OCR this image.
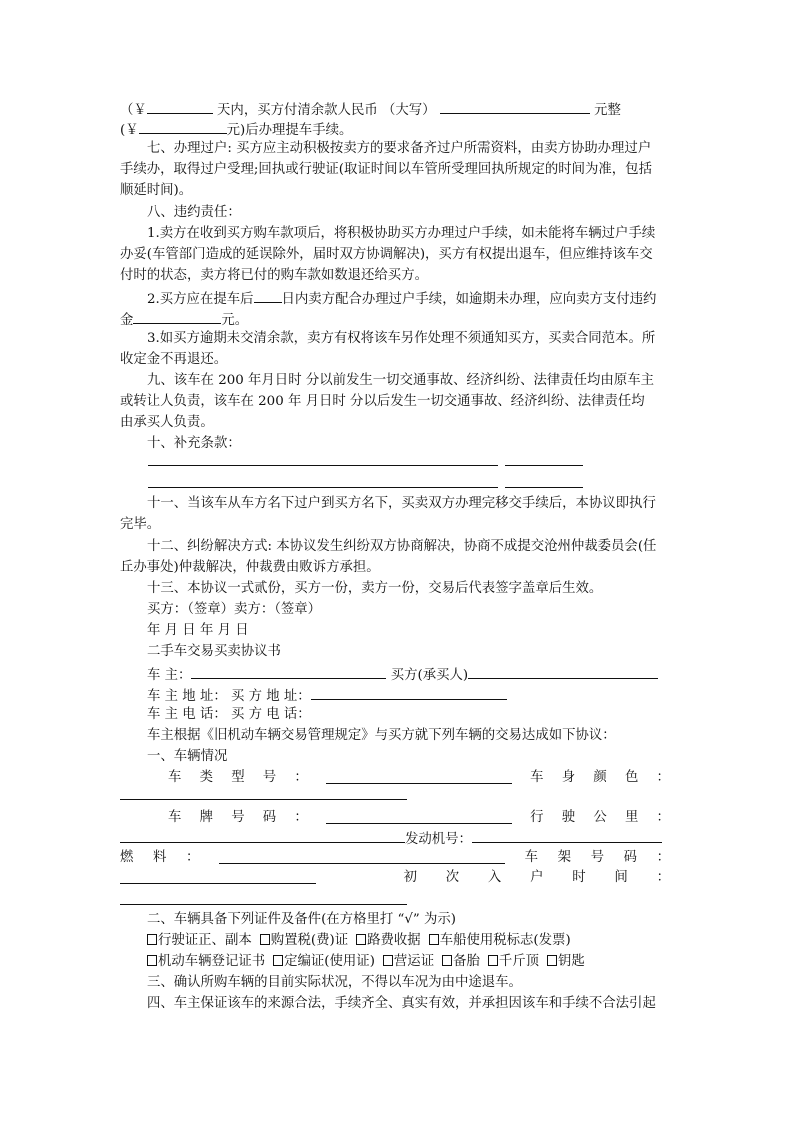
（￥	天内，买方付清余款人民币 （大写）	元整
(￥	元)后办理提车手续。
七、办理过户: 买方应主动积极按卖方的要求备齐过户所需资料，由卖方协助办理过户
手续办，取得过户受理;回执或行驶证(取证时间以车管所受理回执所规定的时间为准，包括
顺延时间)。
八、违约责任：
1.卖方在收到买方购车款项后，将积极协助买方办理过户手续，如未能将车辆过户手续
办妥(车管部门造成的延误除外，届时双方协调解决)，买方有权提出退车，但应维持该车交
付时的状态，卖方将已付的购车款如数退还给买方。
2.买方应在提车后 日内卖方配合办理过户手续，如逾期未办理，应向卖方支付违约
金	元。
3.如买方逾期未交清余款，卖方有权将该车另作处理不须通知买方，买卖合同范本。所
收定金不再退还。
九、该车在 200 年月日时 分以前发生一切交通事故、经济纠纷、法律责任均由原车主
或转让人负责，该车在 200 年 月日时 分以后发生一切交通事故、经济纠纷、法律责任均
由承买人负责。
十、补充条款：
十一、当该车从车方名下过户到买方名下，买卖双方办理完移交手续后，本协议即执行
完毕。
十二、纠纷解决方式: 本协议发生纠纷双方协商解决，协商不成提交沧州仲裁委员会(任
丘办事处)仲裁解决，仲裁费由败诉方承担。
十三、本协议一式贰份，买方一份，卖方一份，交易后代表签字盖章后生效。
买方：（签章）卖方：（签章）
年 月 日 年 月 日
二手车交易买卖协议书
车 主：	买方(承买人)
车 主 地 址： 买 方 地 址：
车 主 电 话： 买 方 电 话：
车主根据《旧机动车辆交易管理规定》与买方就下列车辆的交易达成如下协议：
一、车辆情况
车 类 型 号 ：	车 身 颜 色 ：
车 牌 号 码 ：	行 驶 公 里 ：
发动机号：
燃 料 ：	车 架 号 码 ：
初 次 入 户 时 间 ：
二、车辆具备下列证件及备件(在方格里打 “√” 为示)
行驶证正、副本 购置税(费)证 路费收据 车船使用税标志(发票)
机动车辆登记证书 定编证(使用证) 营运证 备胎 千斤顶 钥匙
三、确认所购车辆的目前实际状况，不得以车况为由中途退车。
四、车主保证该车的来源合法，手续齐全、真实有效，并承担因该车和手续不合法引起
